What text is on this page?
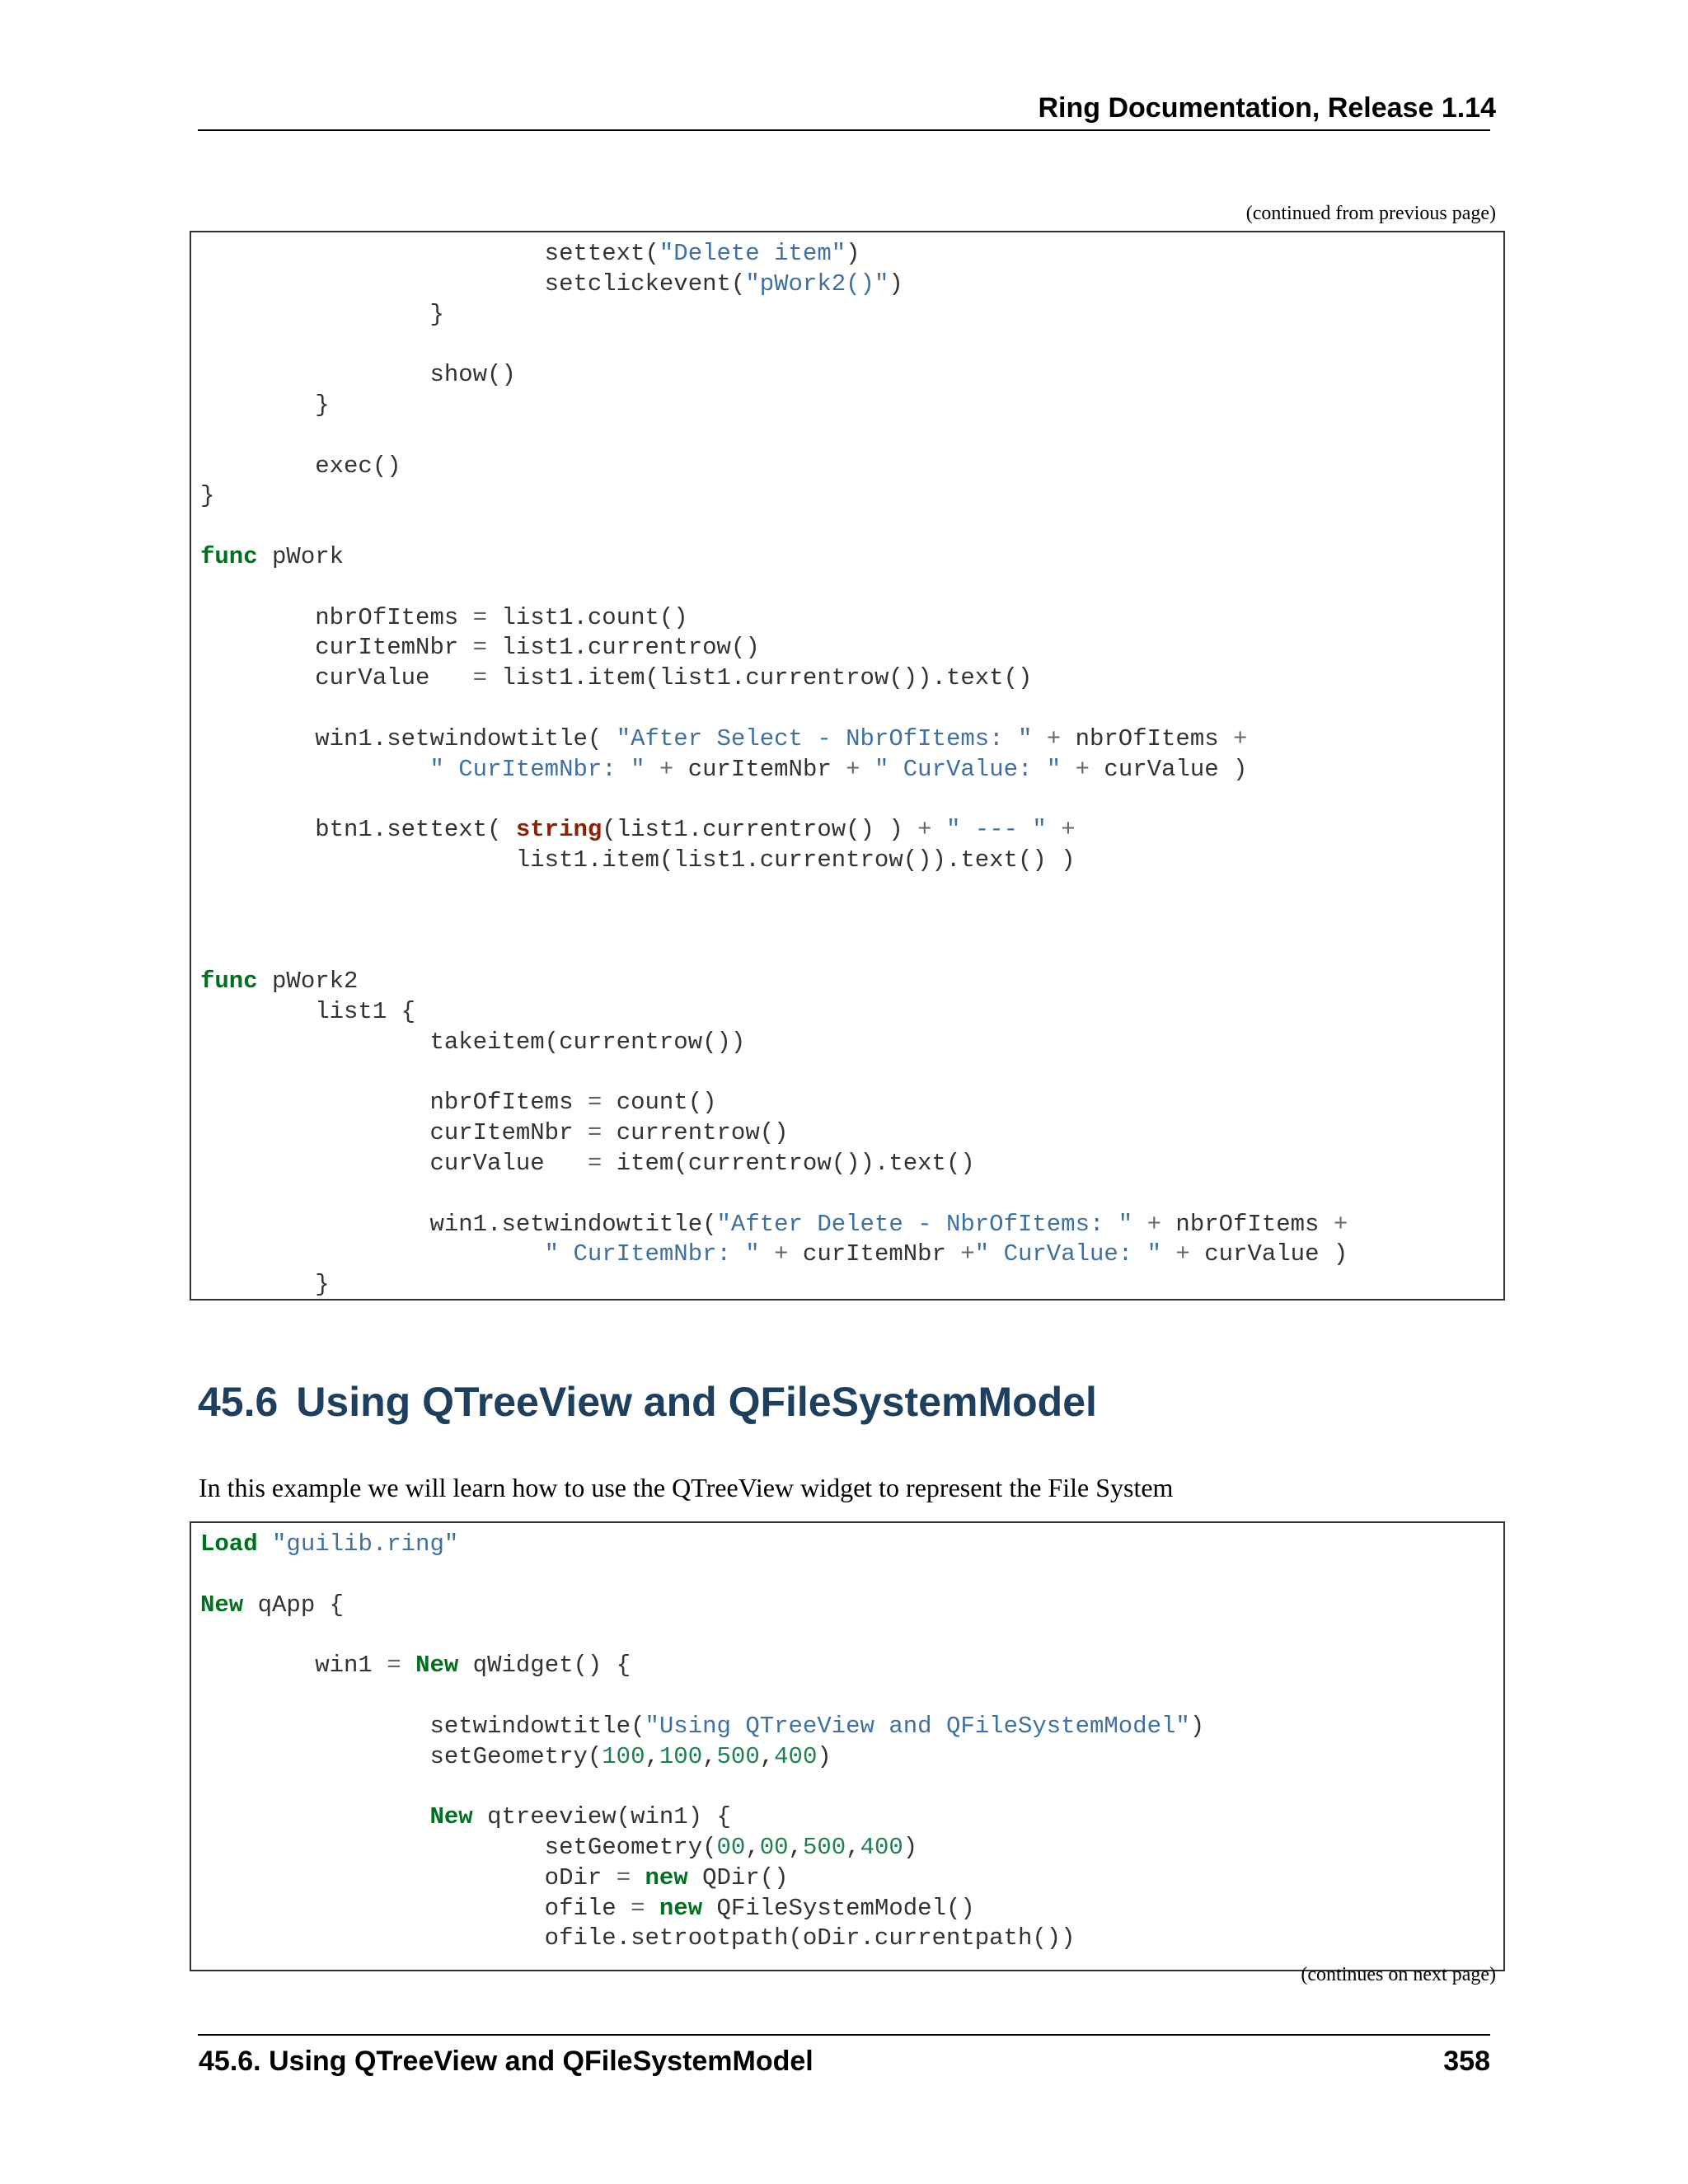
Ring Documentation, Release 1.14
(continued from previous page)
settext("Delete item")
setclickevent("pWork2()")
}

show()
}

exec()
}

func pWork

nbrOfItems = list1.count()
curItemNbr = list1.currentrow()
curValue   = list1.item(list1.currentrow()).text()

win1.setwindowtitle( "After Select - NbrOfItems: " + nbrOfItems +
" CurItemNbr: " + curItemNbr + " CurValue: " + curValue )

btn1.settext( string(list1.currentrow() ) + " --- " +
list1.item(list1.currentrow()).text() )

func pWork2
list1 {
takeitem(currentrow())

nbrOfItems = count()
curItemNbr = currentrow()
curValue   = item(currentrow()).text()

win1.setwindowtitle("After Delete - NbrOfItems: " + nbrOfItems +
" CurItemNbr: " + curItemNbr +" CurValue: " + curValue )
}
45.6 Using QTreeView and QFileSystemModel

In this example we will learn how to use the QTreeView widget to represent the File System

Load "guilib.ring"

New qApp {

win1 = New qWidget() {

setwindowtitle("Using QTreeView and QFileSystemModel")
setGeometry(100,100,500,400)

New qtreeview(win1) {
setGeometry(00,00,500,400)
oDir = new QDir()
ofile = new QFileSystemModel()
ofile.setrootpath(oDir.currentpath())
(continues on next page)
45.6. Using QTreeView and QFileSystemModel	358
